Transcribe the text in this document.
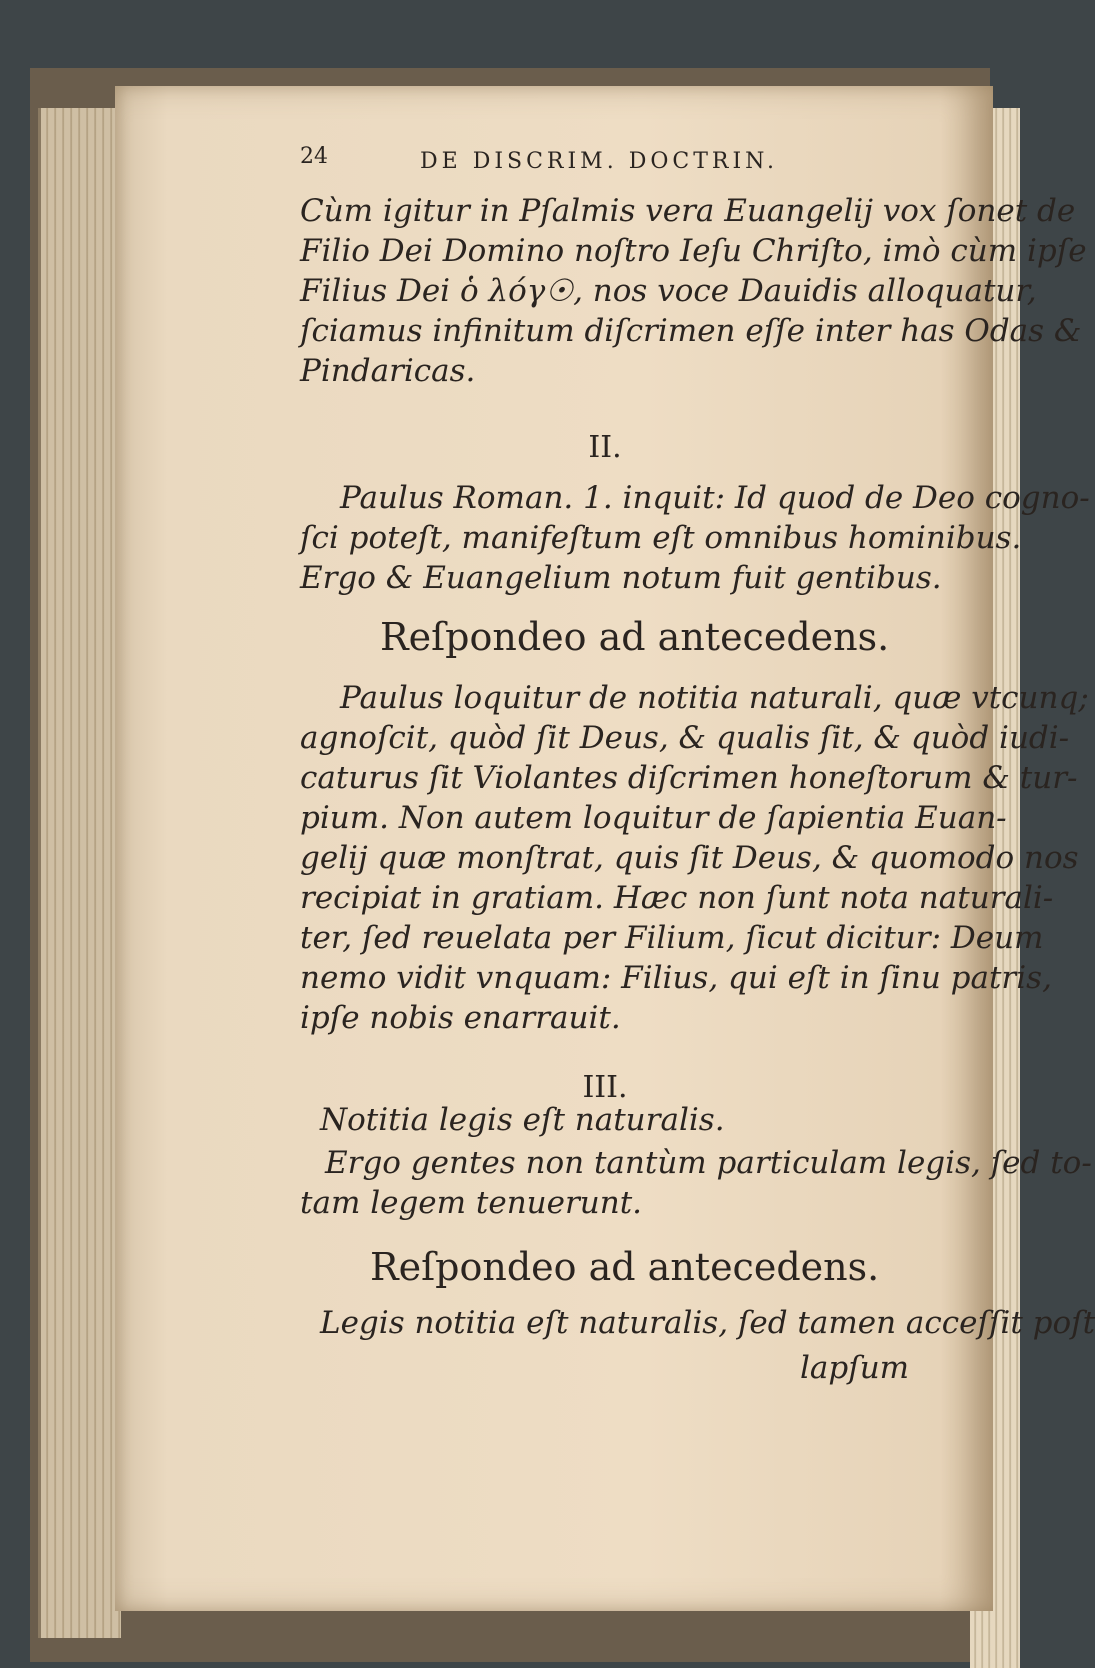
24	DE DISCRIM. DOCTRIN.
Cùm igitur in Pſalmis vera Euangelij vox ſonet de
Filio Dei Domino noſtro Ieſu Chriſto, imò cùm ipſe
Filius Dei ὁ λόγ☉, nos voce Dauidis alloquatur,
ſciamus infinitum diſcrimen eſſe inter has Odas &
Pindaricas.
II.
Paulus Roman. 1. inquit: Id quod de Deo cogno-
ſci poteſt, manifeſtum eſt omnibus hominibus.
Ergo & Euangelium notum fuit gentibus.
Reſpondeo ad antecedens.
Paulus loquitur de notitia naturali, quæ vtcunq;
agnoſcit, quòd ſit Deus, & qualis ſit, & quòd iudi-
caturus ſit Violantes diſcrimen honeſtorum & tur-
pium. Non autem loquitur de ſapientia Euan-
gelij quæ monſtrat, quis ſit Deus, & quomodo nos
recipiat in gratiam. Hæc non ſunt nota naturali-
ter, ſed reuelata per Filium, ſicut dicitur: Deum
nemo vidit vnquam: Filius, qui eſt in ſinu patris,
ipſe nobis enarrauit.
III.
Notitia legis eſt naturalis.
Ergo gentes non tantùm particulam legis, ſed to-
tam legem tenuerunt.
Reſpondeo ad antecedens.
Legis notitia eſt naturalis, ſed tamen acceſſit poſt
lapſum
